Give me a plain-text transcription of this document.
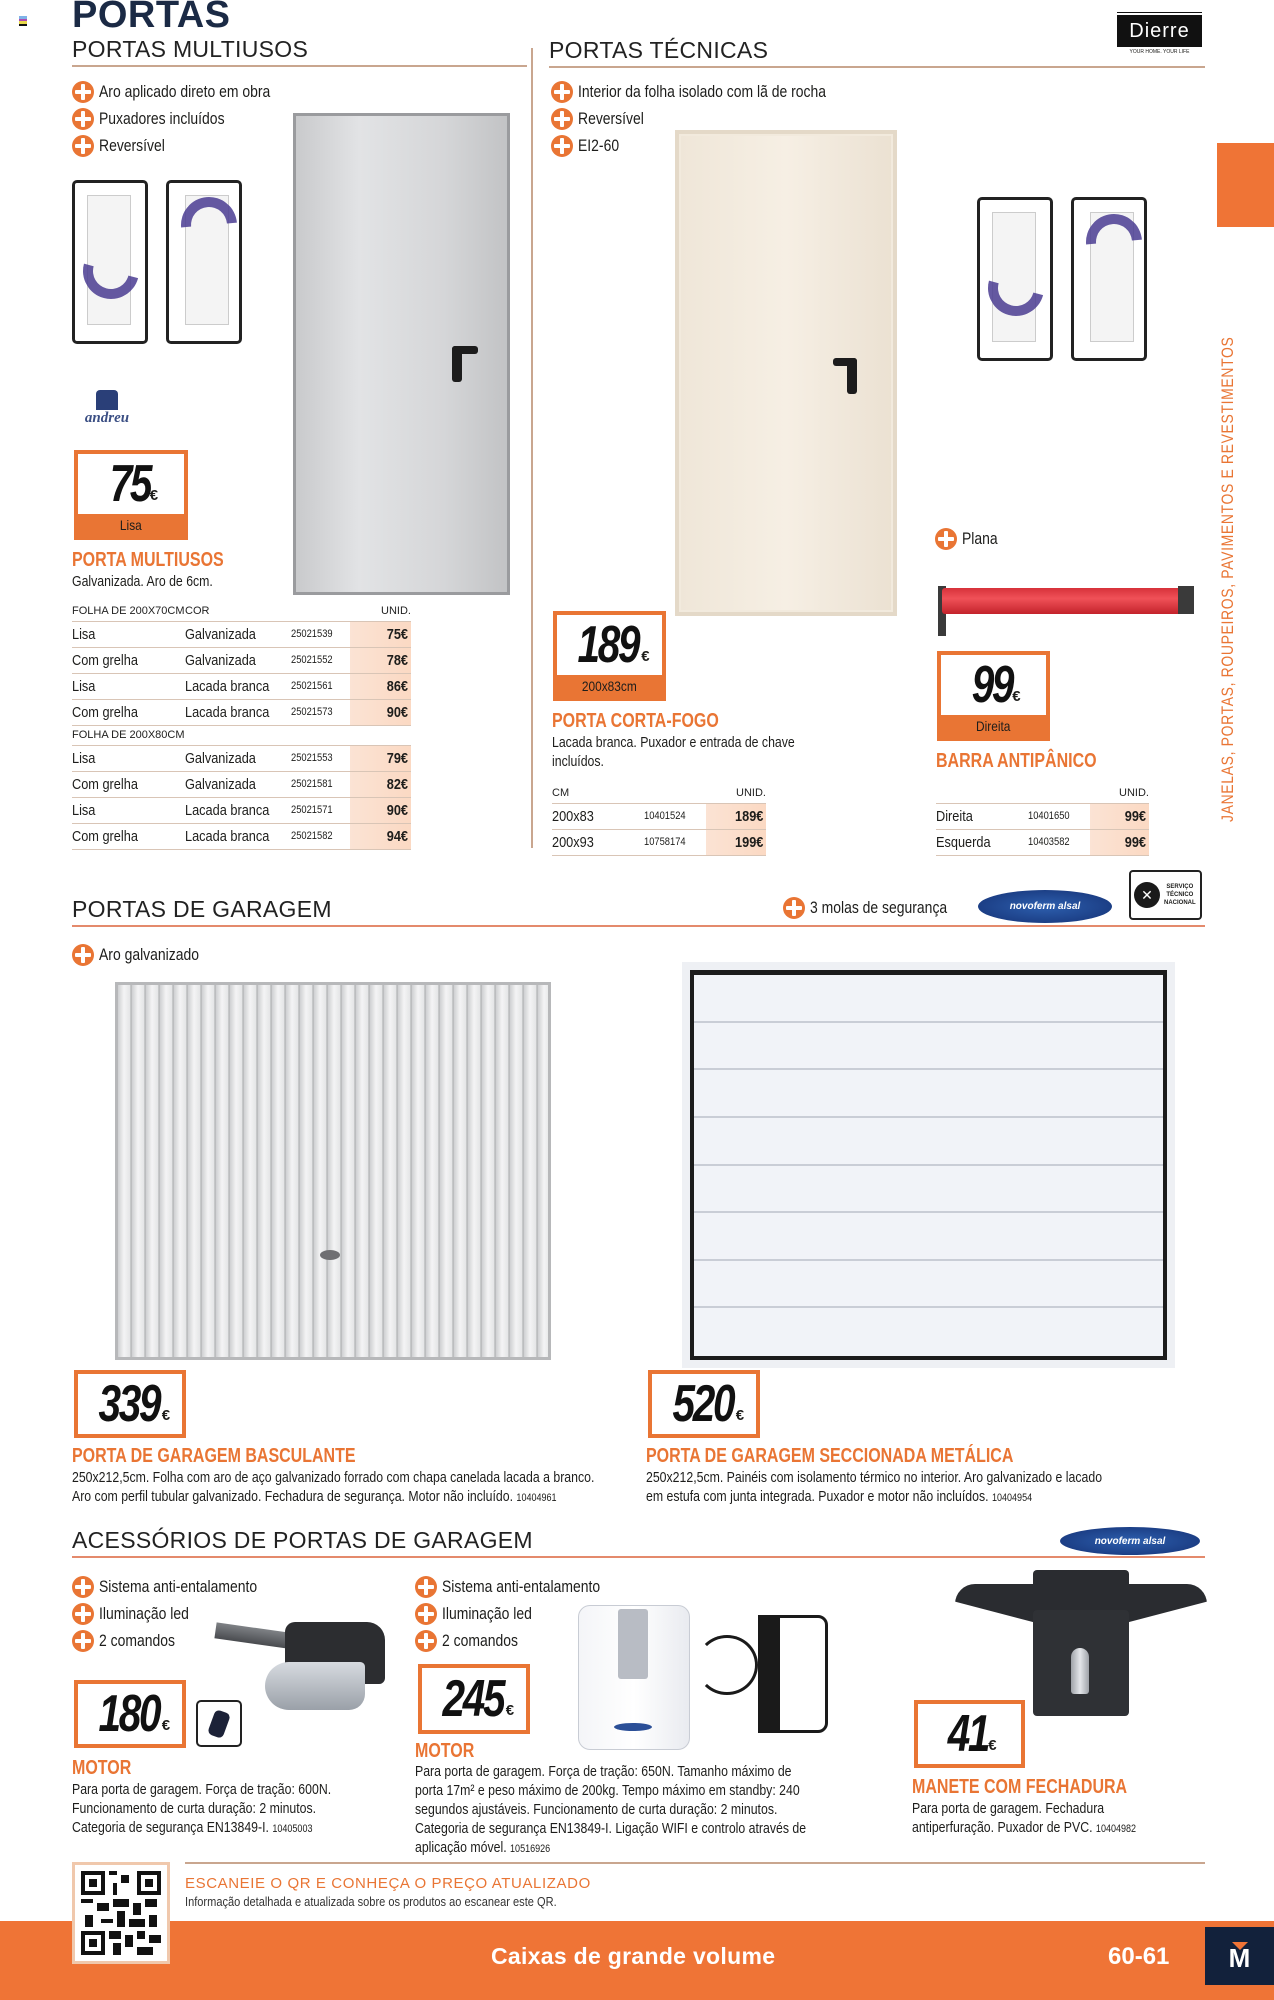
PORTAS	Dierre
YOUR HOME. YOUR LIFE
JANELAS, PORTAS, ROUPEIROS, PAVIMENTOS E REVESTIMENTOS
PORTAS MULTIUSOS
Aro aplicado direto em obra
Puxadores incluídos
Reversível
andreu
75 €
Lisa
PORTA MULTIUSOS
Galvanizada. Aro de 6cm.
FOLHA DE 200X70CM	COR		UNID.
Lisa	Galvanizada	25021539	75€
Com grelha	Galvanizada	25021552	78€
Lisa	Lacada branca	25021561	86€
Com grelha	Lacada branca	25021573	90€
FOLHA DE 200X80CM			
Lisa	Galvanizada	25021553	79€
Com grelha	Galvanizada	25021581	82€
Lisa	Lacada branca	25021571	90€
Com grelha	Lacada branca	25021582	94€
PORTAS TÉCNICAS
Interior da folha isolado com lã de rocha
Reversível
EI2-60
189 €
200x83cm
PORTA CORTA-FOGO
Lacada branca. Puxador e entrada de chave incluídos.
CM		UNID.
200x83	10401524	189€
200x93	10758174	199€
Plana
99 €
Direita
BARRA ANTIPÂNICO
		UNID.
Direita	10401650	99€
Esquerda	10403582	99€
PORTAS DE GARAGEM
Aro galvanizado
3 molas de segurança	novoferm alsal
✕	SERVIÇO
TÉCNICO
NACIONAL
339 €
PORTA DE GARAGEM BASCULANTE
250x212,5cm. Folha com aro de aço galvanizado forrado com chapa canelada lacada a branco. Aro com perfil tubular galvanizado. Fechadura de segurança. Motor não incluído. 10404961
520 €
PORTA DE GARAGEM SECCIONADA METÁLICA
250x212,5cm. Painéis com isolamento térmico no interior. Aro galvanizado e lacado em estufa com junta integrada. Puxador e motor não incluídos. 10404954
ACESSÓRIOS DE PORTAS DE GARAGEM	novoferm alsal
Sistema anti-entalamento
Iluminação led
2 comandos
180 €
MOTOR
Para porta de garagem. Força de tração: 600N. Funcionamento de curta duração: 2 minutos. Categoria de segurança EN13849-I. 10405003
Sistema anti-entalamento
Iluminação led
2 comandos
245 €
MOTOR
Para porta de garagem. Força de tração: 650N. Tamanho máximo de porta 17m² e peso máximo de 200kg. Tempo máximo em standby: 240 segundos ajustáveis. Funcionamento de curta duração: 2 minutos. Categoria de segurança EN13849-I. Ligação WIFI e controlo através de aplicação móvel. 10516926
41 €
MANETE COM FECHADURA
Para porta de garagem. Fechadura antiperfuração. Puxador de PVC. 10404982
ESCANEIE O QR E CONHEÇA O PREÇO ATUALIZADO
Informação detalhada e atualizada sobre os produtos ao escanear este QR.
Caixas de grande volume	60-61 M
